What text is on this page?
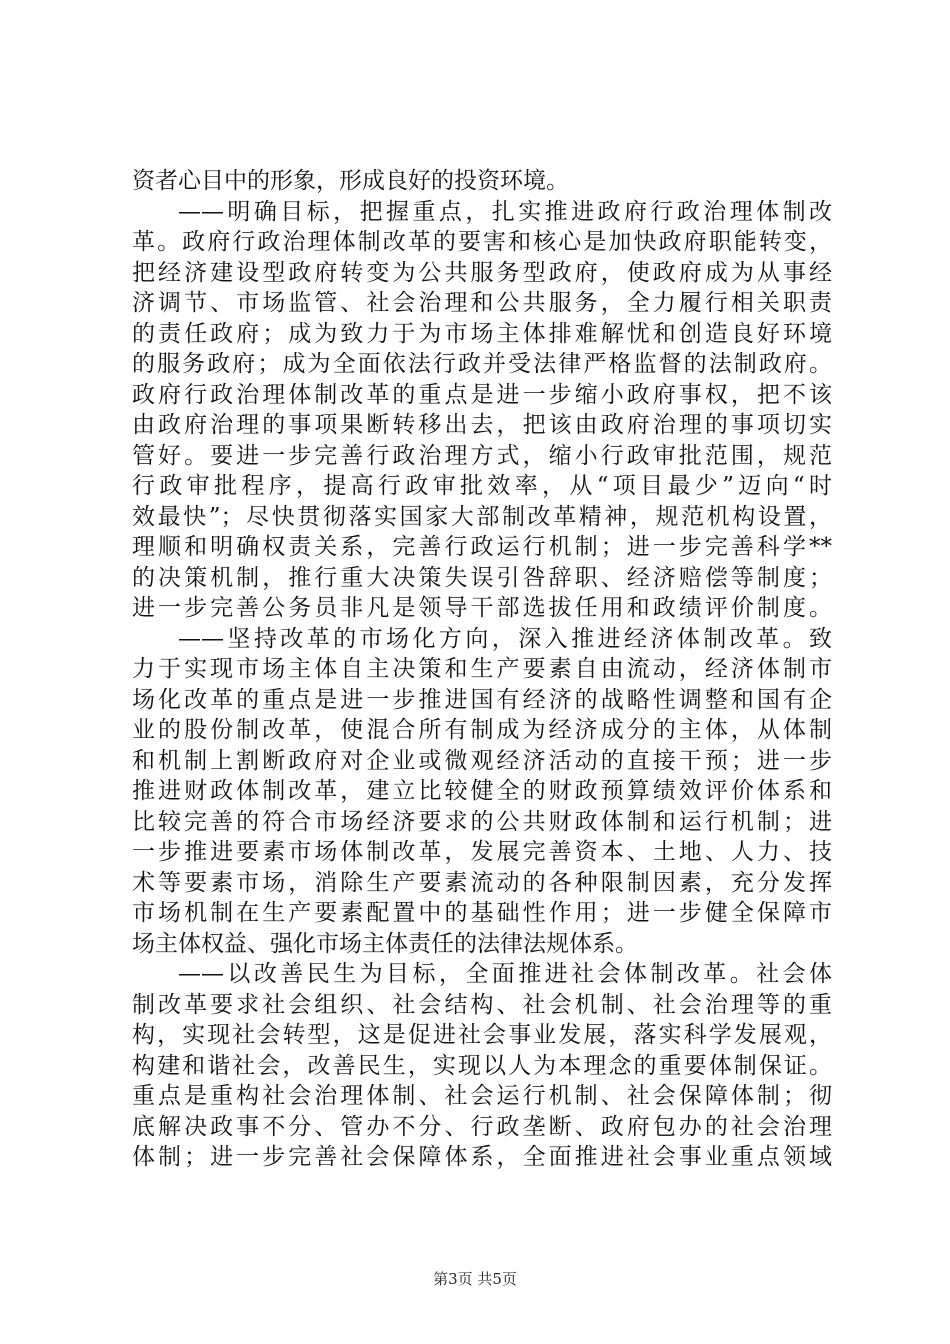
资者心目中的形象，形成良好的投资环境。
——明确目标，把握重点，扎实推进政府行政治理体制改
革。政府行政治理体制改革的要害和核心是加快政府职能转变，
把经济建设型政府转变为公共服务型政府，使政府成为从事经
济调节、市场监管、社会治理和公共服务，全力履行相关职责
的责任政府；成为致力于为市场主体排难解忧和创造良好环境
的服务政府；成为全面依法行政并受法律严格监督的法制政府。
政府行政治理体制改革的重点是进一步缩小政府事权，把不该
由政府治理的事项果断转移出去，把该由政府治理的事项切实
管好。要进一步完善行政治理方式，缩小行政审批范围，规范
行政审批程序，提高行政审批效率，从“项目最少”迈向“时
效最快”；尽快贯彻落实国家大部制改革精神，规范机构设置，
理顺和明确权责关系，完善行政运行机制；进一步完善科学**
的决策机制，推行重大决策失误引咎辞职、经济赔偿等制度；
进一步完善公务员非凡是领导干部选拔任用和政绩评价制度。
——坚持改革的市场化方向，深入推进经济体制改革。致
力于实现市场主体自主决策和生产要素自由流动，经济体制市
场化改革的重点是进一步推进国有经济的战略性调整和国有企
业的股份制改革，使混合所有制成为经济成分的主体，从体制
和机制上割断政府对企业或微观经济活动的直接干预；进一步
推进财政体制改革，建立比较健全的财政预算绩效评价体系和
比较完善的符合市场经济要求的公共财政体制和运行机制；进
一步推进要素市场体制改革，发展完善资本、土地、人力、技
术等要素市场，消除生产要素流动的各种限制因素，充分发挥
市场机制在生产要素配置中的基础性作用；进一步健全保障市
场主体权益、强化市场主体责任的法律法规体系。
——以改善民生为目标，全面推进社会体制改革。社会体
制改革要求社会组织、社会结构、社会机制、社会治理等的重
构，实现社会转型，这是促进社会事业发展，落实科学发展观，
构建和谐社会，改善民生，实现以人为本理念的重要体制保证。
重点是重构社会治理体制、社会运行机制、社会保障体制；彻
底解决政事不分、管办不分、行政垄断、政府包办的社会治理
体制；进一步完善社会保障体系，全面推进社会事业重点领域
第3页 共5页
